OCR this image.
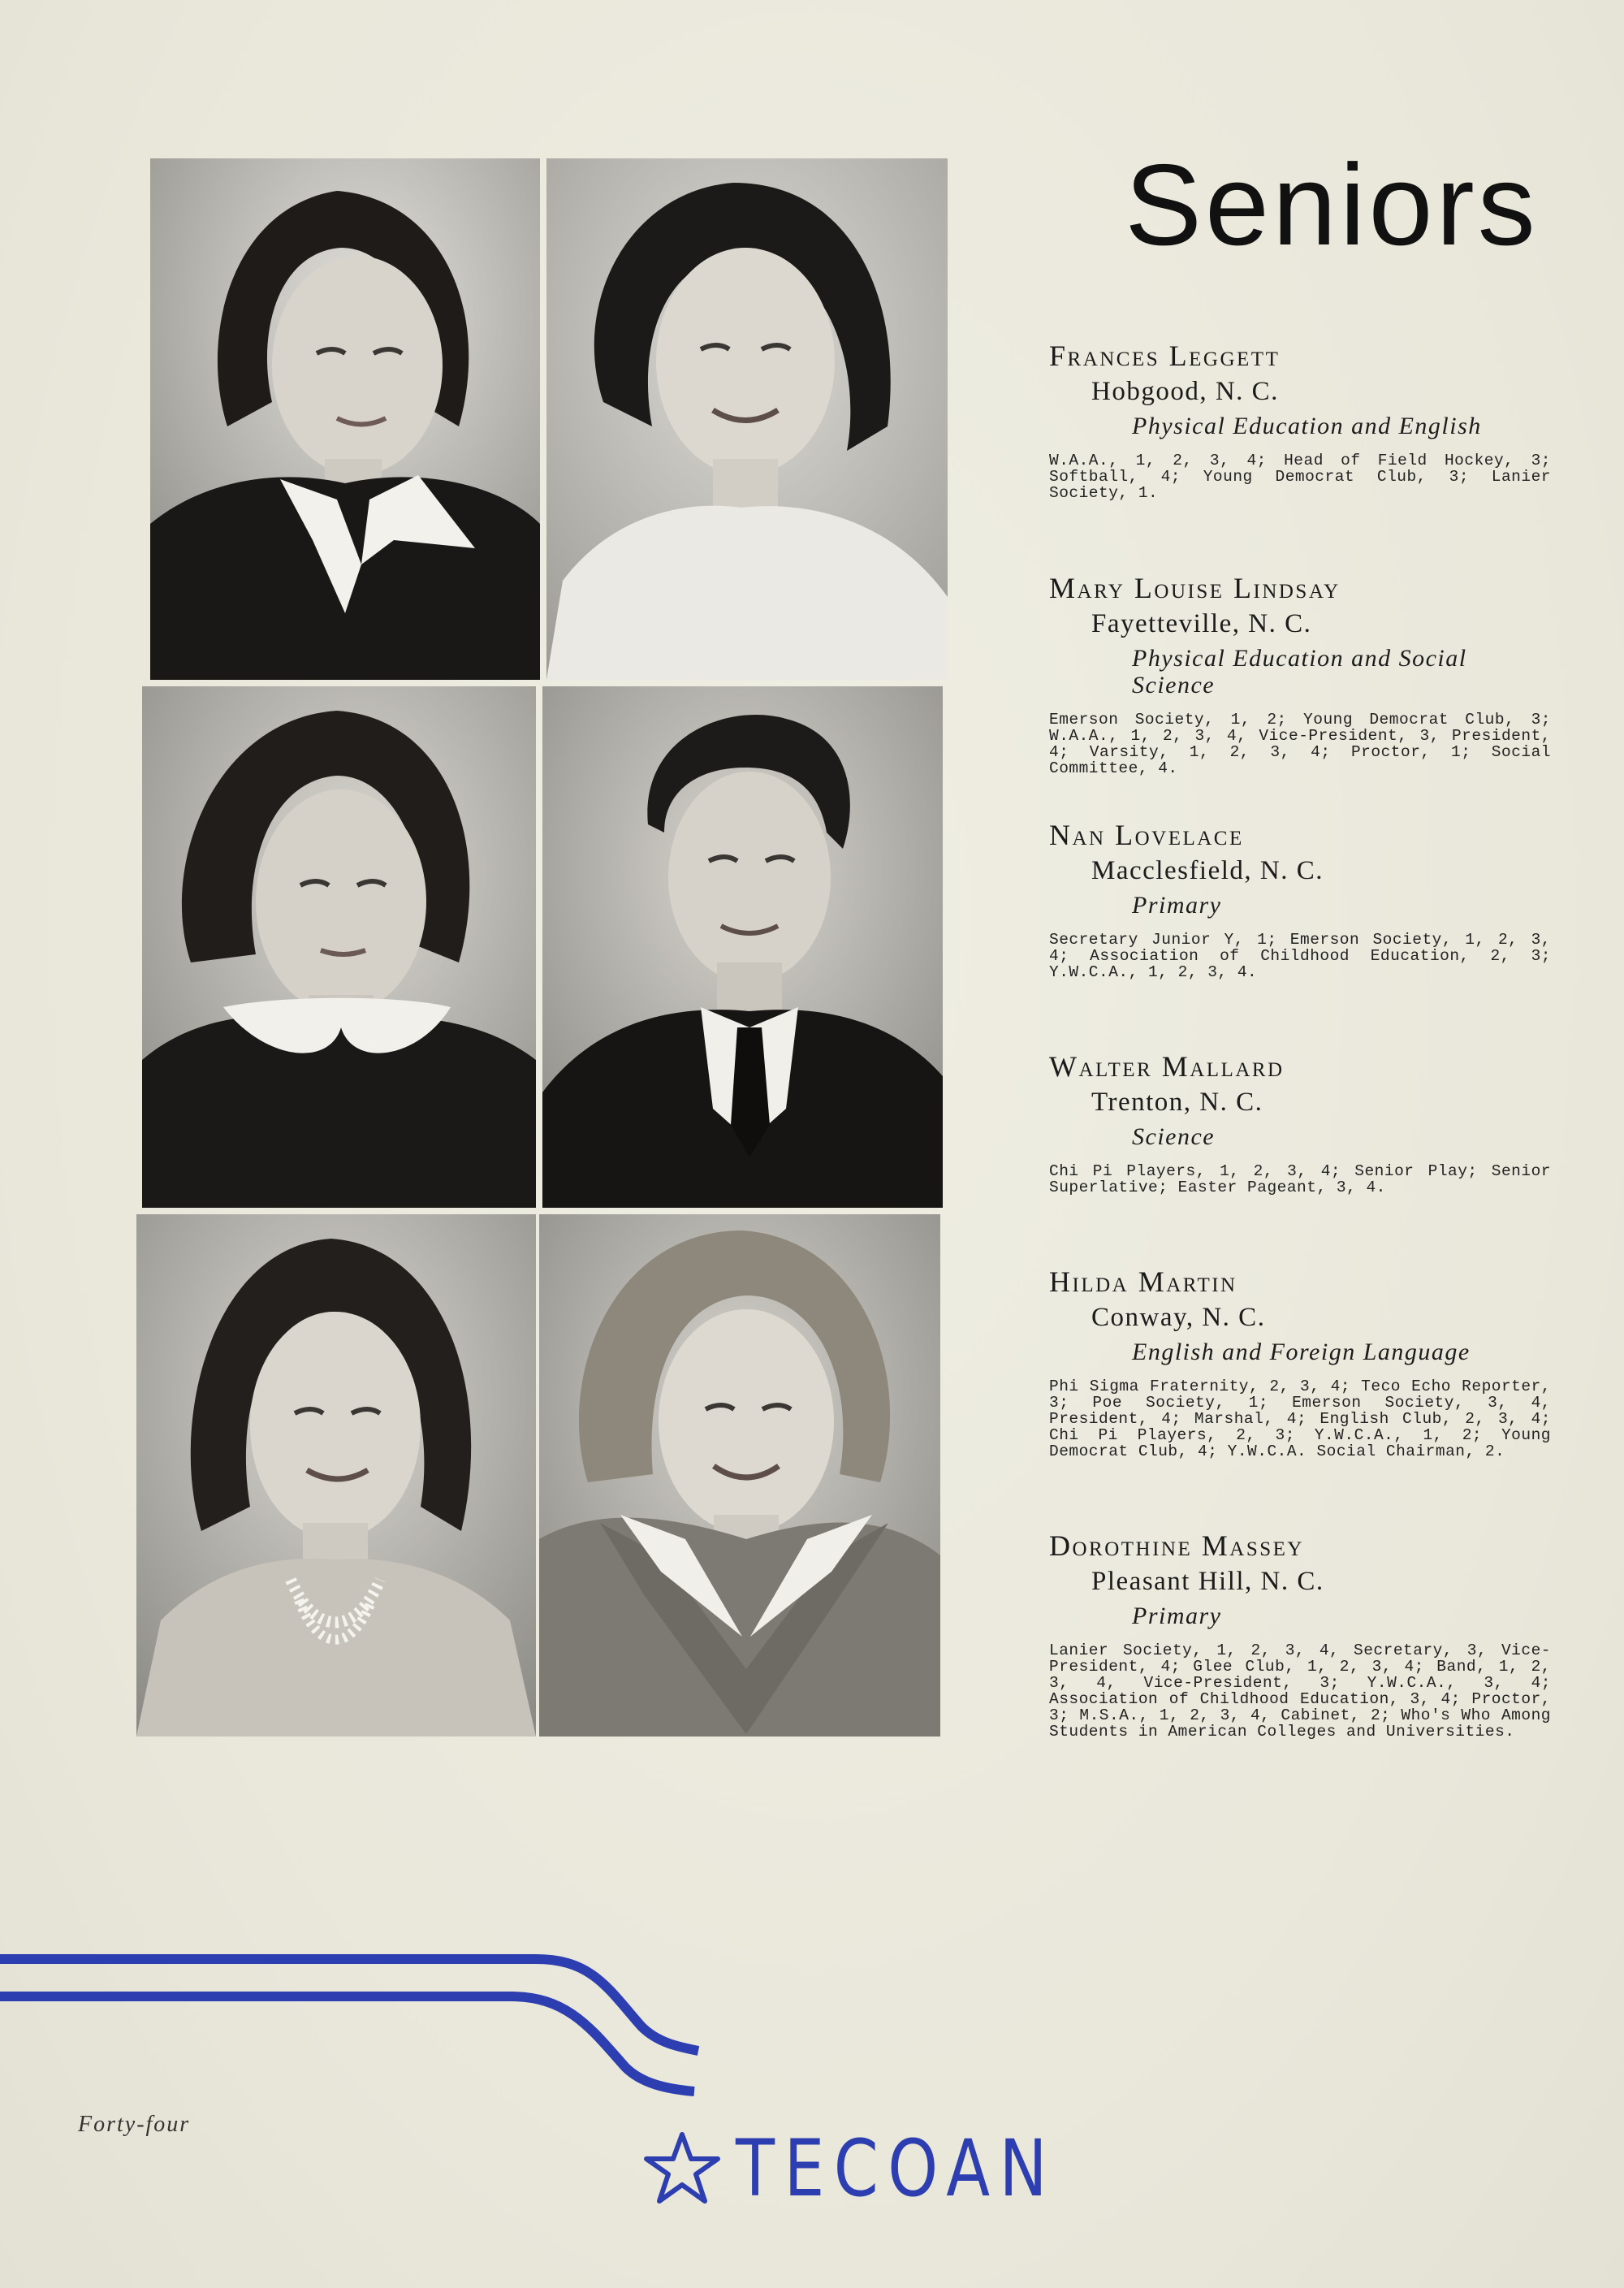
Seniors
Frances Leggett
Hobgood, N. C.
Physical Education and English
W.A.A., 1, 2, 3, 4; Head of Field Hockey, 3; Softball, 4; Young Democrat Club, 3; Lanier Society, 1.
Mary Louise Lindsay
Fayetteville, N. C.
Physical Education and Social Science
Emerson Society, 1, 2; Young Democrat Club, 3; W.A.A., 1, 2, 3, 4, Vice-President, 3, President, 4; Varsity, 1, 2, 3, 4; Proctor, 1; Social Committee, 4.
Nan Lovelace
Macclesfield, N. C.
Primary
Secretary Junior Y, 1; Emerson Society, 1, 2, 3, 4; Association of Childhood Education, 2, 3; Y.W.C.A., 1, 2, 3, 4.
Walter Mallard
Trenton, N. C.
Science
Chi Pi Players, 1, 2, 3, 4; Senior Play; Senior Superlative; Easter Pageant, 3, 4.
Hilda Martin
Conway, N. C.
English and Foreign Language
Phi Sigma Fraternity, 2, 3, 4; Teco Echo Reporter, 3; Poe Society, 1; Emerson Society, 3, 4, President, 4; Marshal, 4; English Club, 2, 3, 4; Chi Pi Players, 2, 3; Y.W.C.A., 1, 2; Young Democrat Club, 4; Y.W.C.A. Social Chairman, 2.
Dorothine Massey
Pleasant Hill, N. C.
Primary
Lanier Society, 1, 2, 3, 4, Secretary, 3, Vice-President, 4; Glee Club, 1, 2, 3, 4; Band, 1, 2, 3, 4, Vice-President, 3; Y.W.C.A., 3, 4; Association of Childhood Education, 3, 4; Proctor, 3; M.S.A., 1, 2, 3, 4, Cabinet, 2; Who's Who Among Students in American Colleges and Universities.
Forty-four	TECOAN
